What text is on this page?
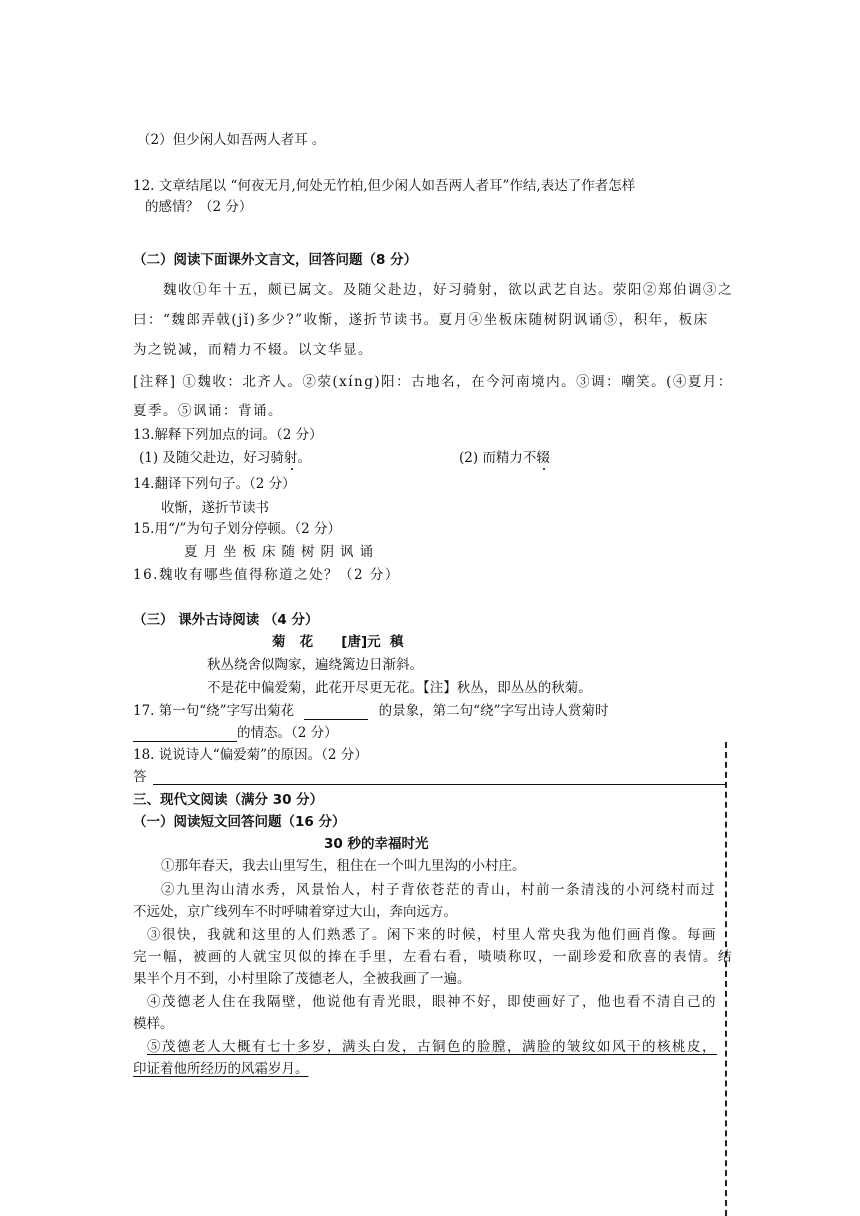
（2）但少闲人如吾两人者耳 。
12. 文章结尾以 “何夜无月,何处无竹柏,但少闲人如吾两人者耳”作结,表达了作者怎样
的感情？（2 分）
（二）阅读下面课外文言文，回答问题（8 分）
魏收①年十五，颇已属文。及随父赴边，好习骑射，欲以武艺自达。荥阳②郑伯调③之
曰：“魏郎弄戟(jǐ)多少?”收惭，遂折节读书。夏月④坐板床随树阴讽诵⑤，积年，板床
为之锐减，而精力不辍。以文华显。
[注释] ①魏收：北齐人。②荥(xíng)阳：古地名，在今河南境内。③调：嘲笑。(④夏月：
夏季。⑤讽诵：背诵。
13.解释下列加点的词。（2 分）
(1) 及随父赴边，好习骑射。	(2) 而精力不辍
14.翻译下列句子。（2 分）
收惭，遂折节读书
15.用“/”为句子划分停顿。（2 分）
夏月坐板床随树阴讽诵
16.魏收有哪些值得称道之处？（2 分）
（三） 课外古诗阅读 （4 分）
菊   花      [唐]元  稹
秋丛绕舍似陶家，遍绕篱边日渐斜。
不是花中偏爱菊，此花开尽更无花。【注】秋丛，即丛丛的秋菊。
17. 第一句“绕”字写出菊花	的景象，第二句“绕”字写出诗人赏菊时
的情态。（2 分）
18. 说说诗人“偏爱菊”的原因。（2 分）
答
三、现代文阅读（满分 30 分）
（一）阅读短文回答问题（16 分）
30 秒的幸福时光
①那年春天，我去山里写生，租住在一个叫九里沟的小村庄。
②九里沟山清水秀，风景怡人，村子背依苍茫的青山，村前一条清浅的小河绕村而过
不远处，京广线列车不时呼啸着穿过大山，奔向远方。
③很快，我就和这里的人们熟悉了。闲下来的时候，村里人常央我为他们画肖像。每画
完一幅，被画的人就宝贝似的捧在手里，左看右看，啧啧称叹，一副珍爱和欣喜的表情。结
果半个月不到，小村里除了茂德老人，全被我画了一遍。
④茂德老人住在我隔壁，他说他有青光眼，眼神不好，即使画好了，他也看不清自己的
模样。
⑤茂德老人大概有七十多岁，满头白发，古铜色的脸膛，满脸的皱纹如风干的核桃皮，
印证着他所经历的风霜岁月。
